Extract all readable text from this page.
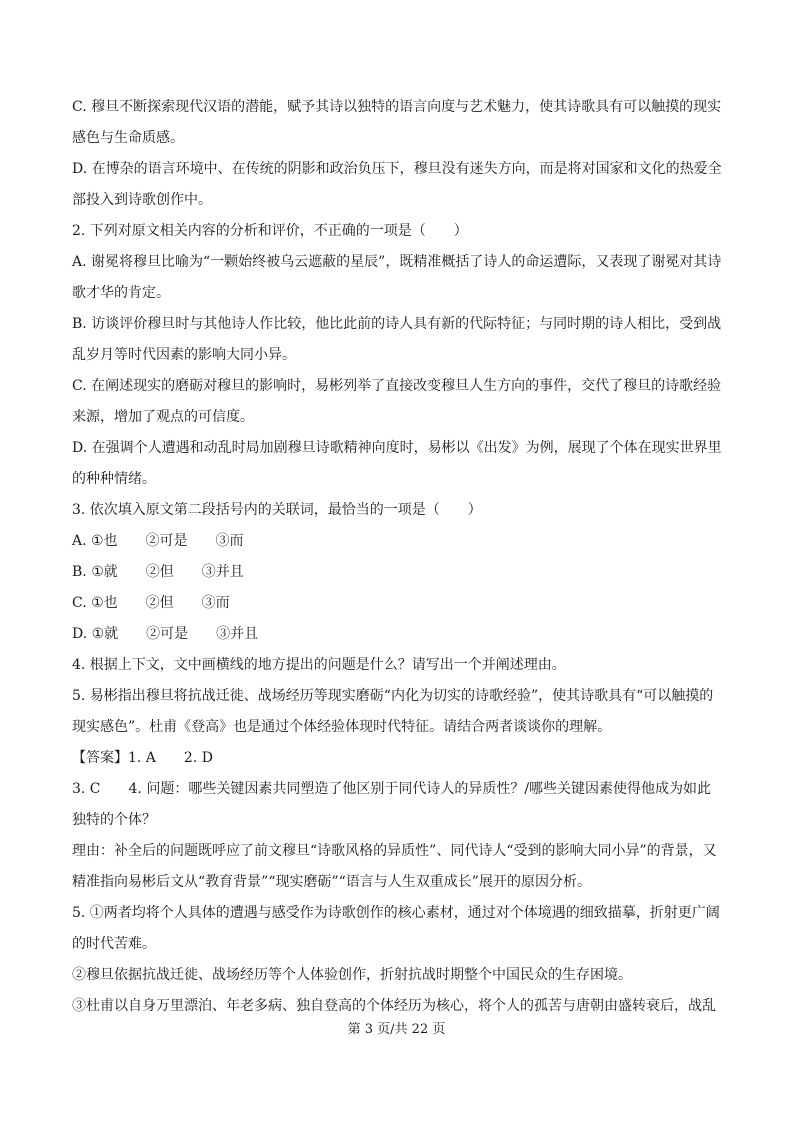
C. 穆旦不断探索现代汉语的潜能，赋予其诗以独特的语言向度与艺术魅力，使其诗歌具有可以触摸的现实感色与生命质感。

D. 在博杂的语言环境中、在传统的阴影和政治负压下，穆旦没有迷失方向，而是将对国家和文化的热爱全部投入到诗歌创作中。

2. 下列对原文相关内容的分析和评价，不正确的一项是（　　）

A. 谢冕将穆旦比喻为“一颗始终被乌云遮蔽的星辰”，既精准概括了诗人的命运遭际，又表现了谢冕对其诗歌才华的肯定。

B. 访谈评价穆旦时与其他诗人作比较，他比此前的诗人具有新的代际特征；与同时期的诗人相比，受到战乱岁月等时代因素的影响大同小异。

C. 在阐述现实的磨砺对穆旦的影响时，易彬列举了直接改变穆旦人生方向的事件，交代了穆旦的诗歌经验来源，增加了观点的可信度。

D. 在强调个人遭遇和动乱时局加剧穆旦诗歌精神向度时，易彬以《出发》为例，展现了个体在现实世界里的种种情绪。

3. 依次填入原文第二段括号内的关联词，最恰当的一项是（　　）

A. ①也　　②可是　　③而

B. ①就　　②但　　③并且

C. ①也　　②但　　③而

D. ①就　　②可是　　③并且

4. 根据上下文，文中画横线的地方提出的问题是什么？请写出一个并阐述理由。

5. 易彬指出穆旦将抗战迁徙、战场经历等现实磨砺“内化为切实的诗歌经验”，使其诗歌具有“可以触摸的现实感色”。杜甫《登高》也是通过个体经验体现时代特征。请结合两者谈谈你的理解。

【答案】1. A　　2. D

3. C　　4. 问题：哪些关键因素共同塑造了他区别于同代诗人的异质性？/哪些关键因素使得他成为如此独特的个体？

理由：补全后的问题既呼应了前文穆旦“诗歌风格的异质性”、同代诗人“受到的影响大同小异”的背景，又精准指向易彬后文从“教育背景”“现实磨砺”“语言与人生双重成长”展开的原因分析。

5. ①两者均将个人具体的遭遇与感受作为诗歌创作的核心素材，通过对个体境遇的细致描摹，折射更广阔的时代苦难。

②穆旦依据抗战迁徙、战场经历等个人体验创作，折射抗战时期整个中国民众的生存困境。

③杜甫以自身万里漂泊、年老多病、独自登高的个体经历为核心，将个人的孤苦与唐朝由盛转衰后，战乱

第 3 页/共 22 页
